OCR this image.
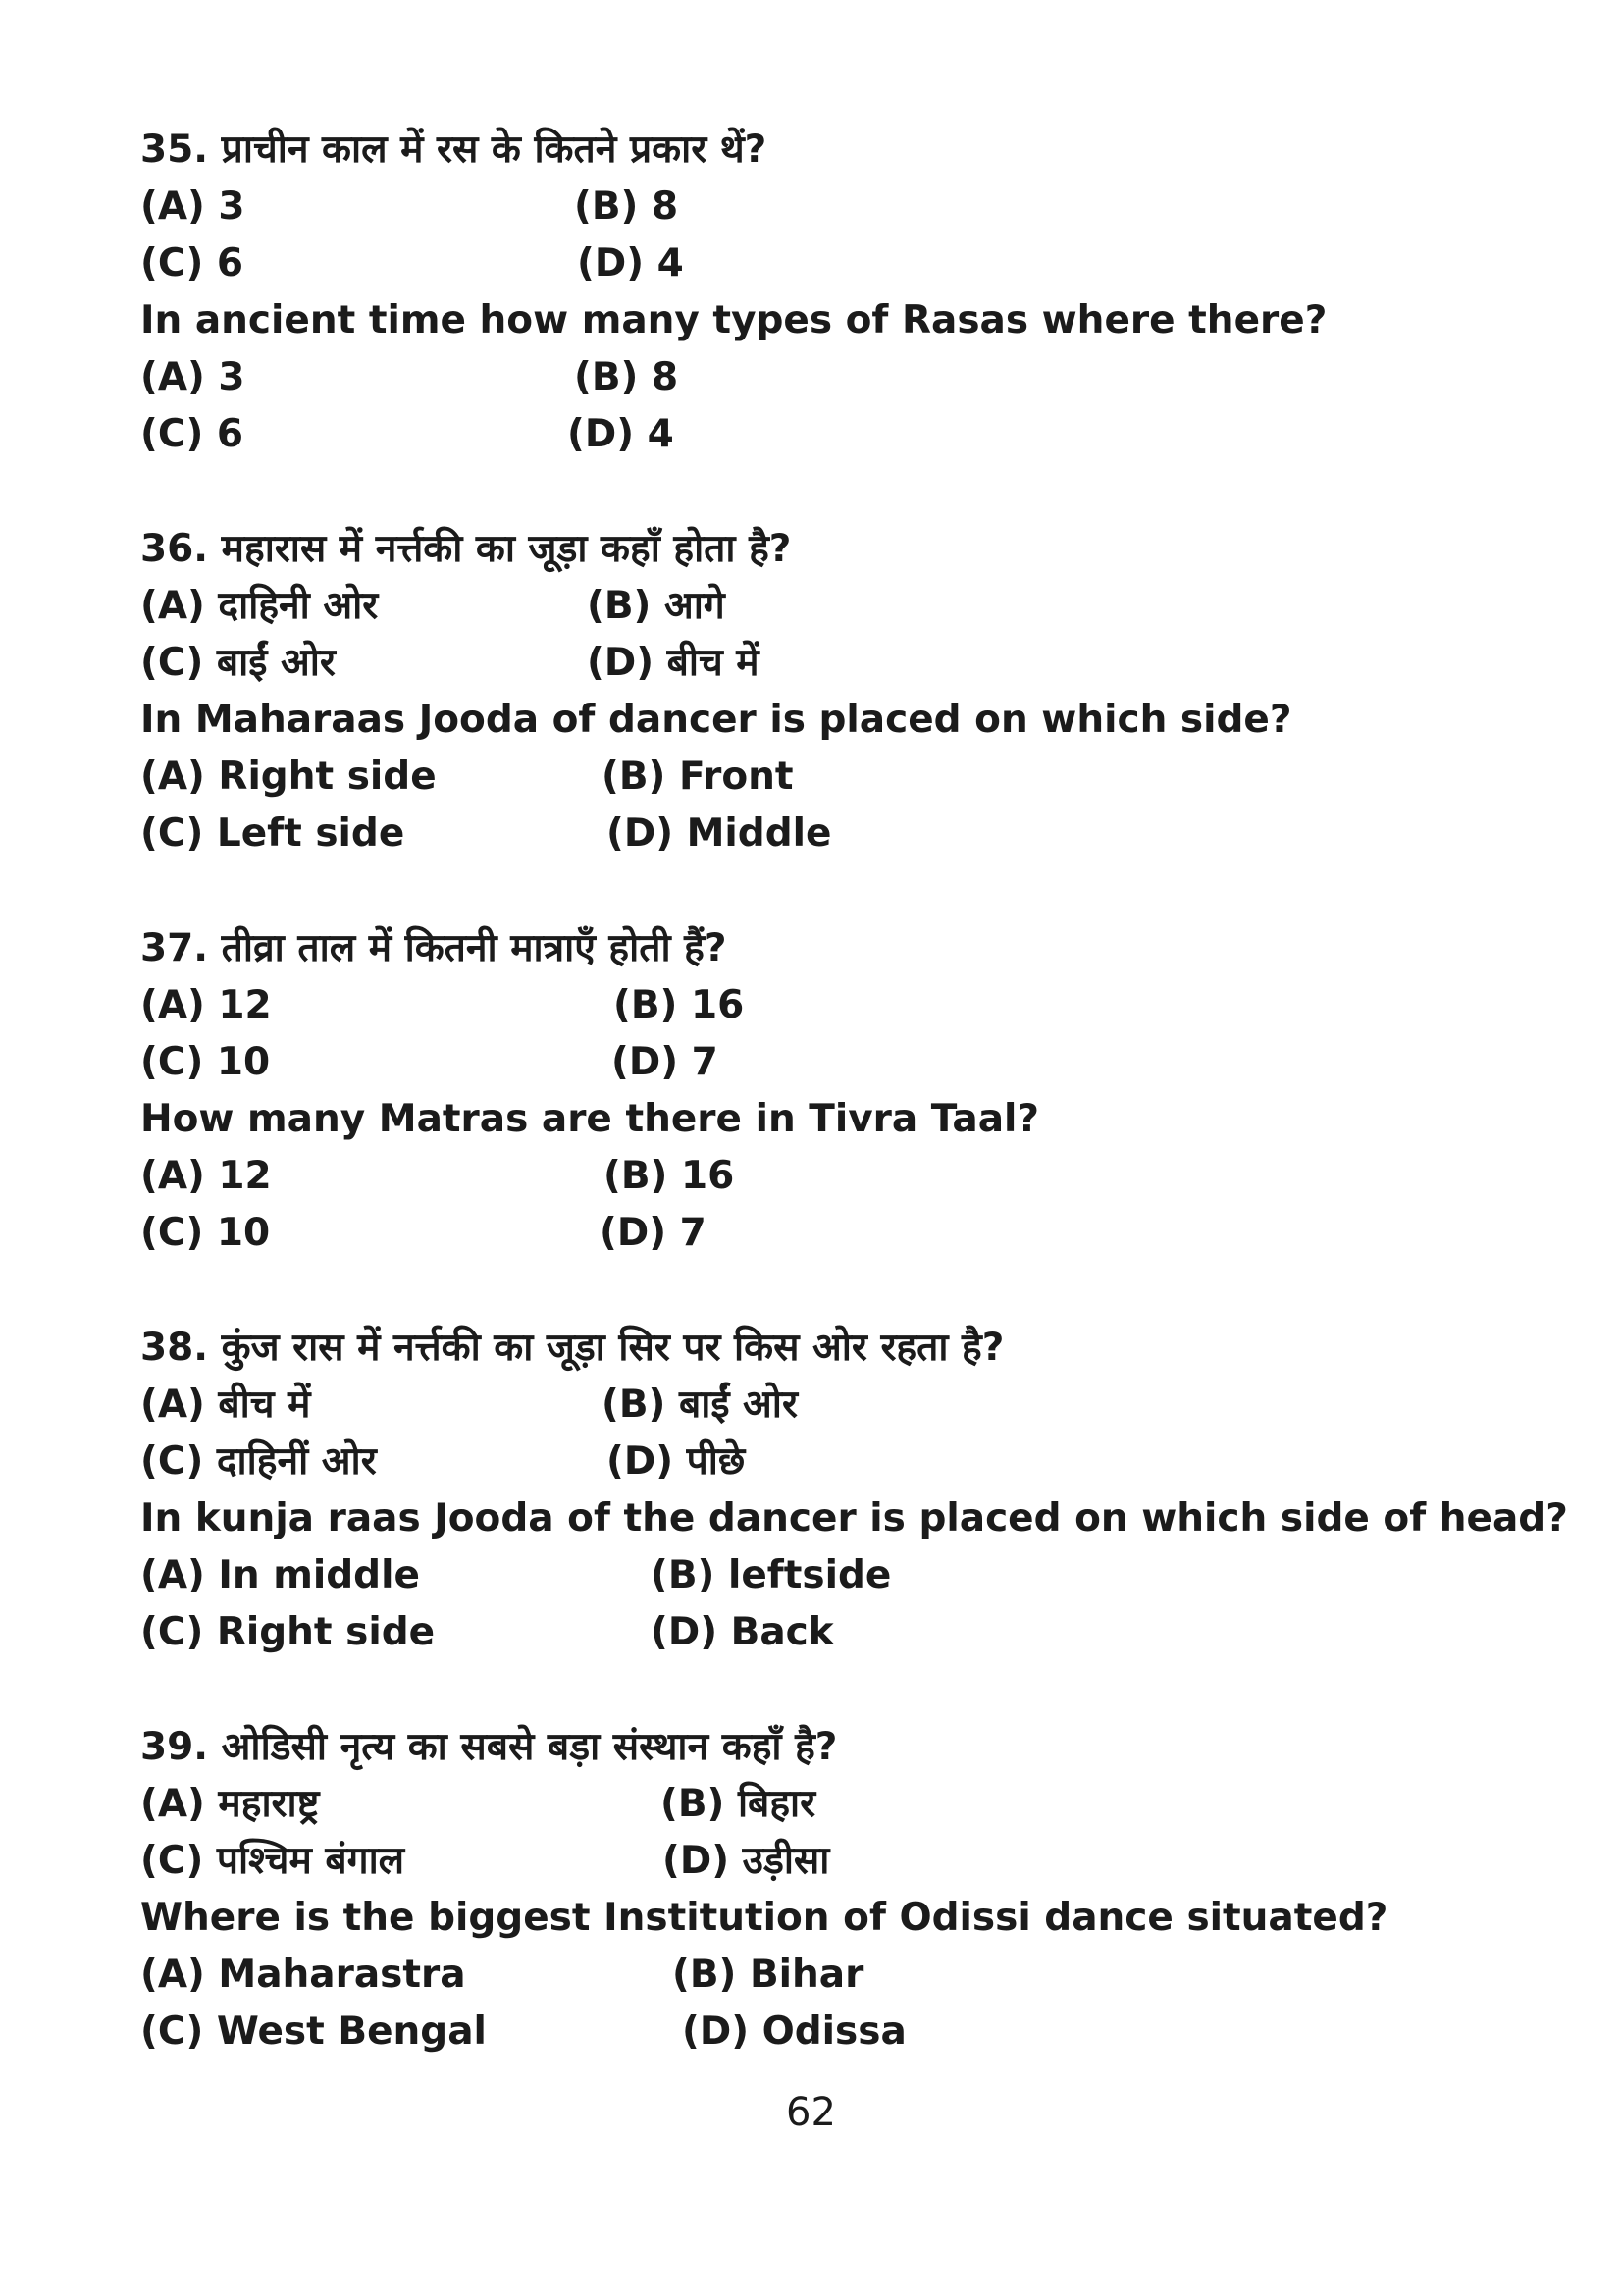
35. प्राचीन काल में रस के कितने प्रकार थें?
(A) 3	(B) 8
(C) 6	(D) 4
In ancient time how many types of Rasas where there?
(A) 3	(B) 8
(C) 6	(D) 4
36. महारास में नर्त्तकी का जूड़ा कहाँ होता है?
(A) दाहिनी ओर	(B) आगे
(C) बाईं ओर	(D) बीच में
In Maharaas Jooda of dancer is placed on which side?
(A) Right side	(B) Front
(C) Left side	(D) Middle
37. तीव्रा ताल में कितनी मात्राएँ होती हैं?
(A) 12	(B) 16
(C) 10	(D) 7
How many Matras are there in Tivra Taal?
(A) 12	(B) 16
(C) 10	(D) 7
38. कुंज रास में नर्त्तकी का जूड़ा सिर पर किस ओर रहता है?
(A) बीच में	(B) बाईं ओर
(C) दाहिनीं ओर	(D) पीछे
In kunja raas Jooda of the dancer is placed on which side of head?
(A) In middle	(B) leftside
(C) Right side	(D) Back
39. ओडिसी नृत्य का सबसे बड़ा संस्थान कहाँ है?
(A) महाराष्ट्र	(B) बिहार
(C) पश्चिम बंगाल	(D) उड़ीसा
Where is the biggest Institution of Odissi dance situated?
(A) Maharastra	(B) Bihar
(C) West Bengal	(D) Odissa
62
